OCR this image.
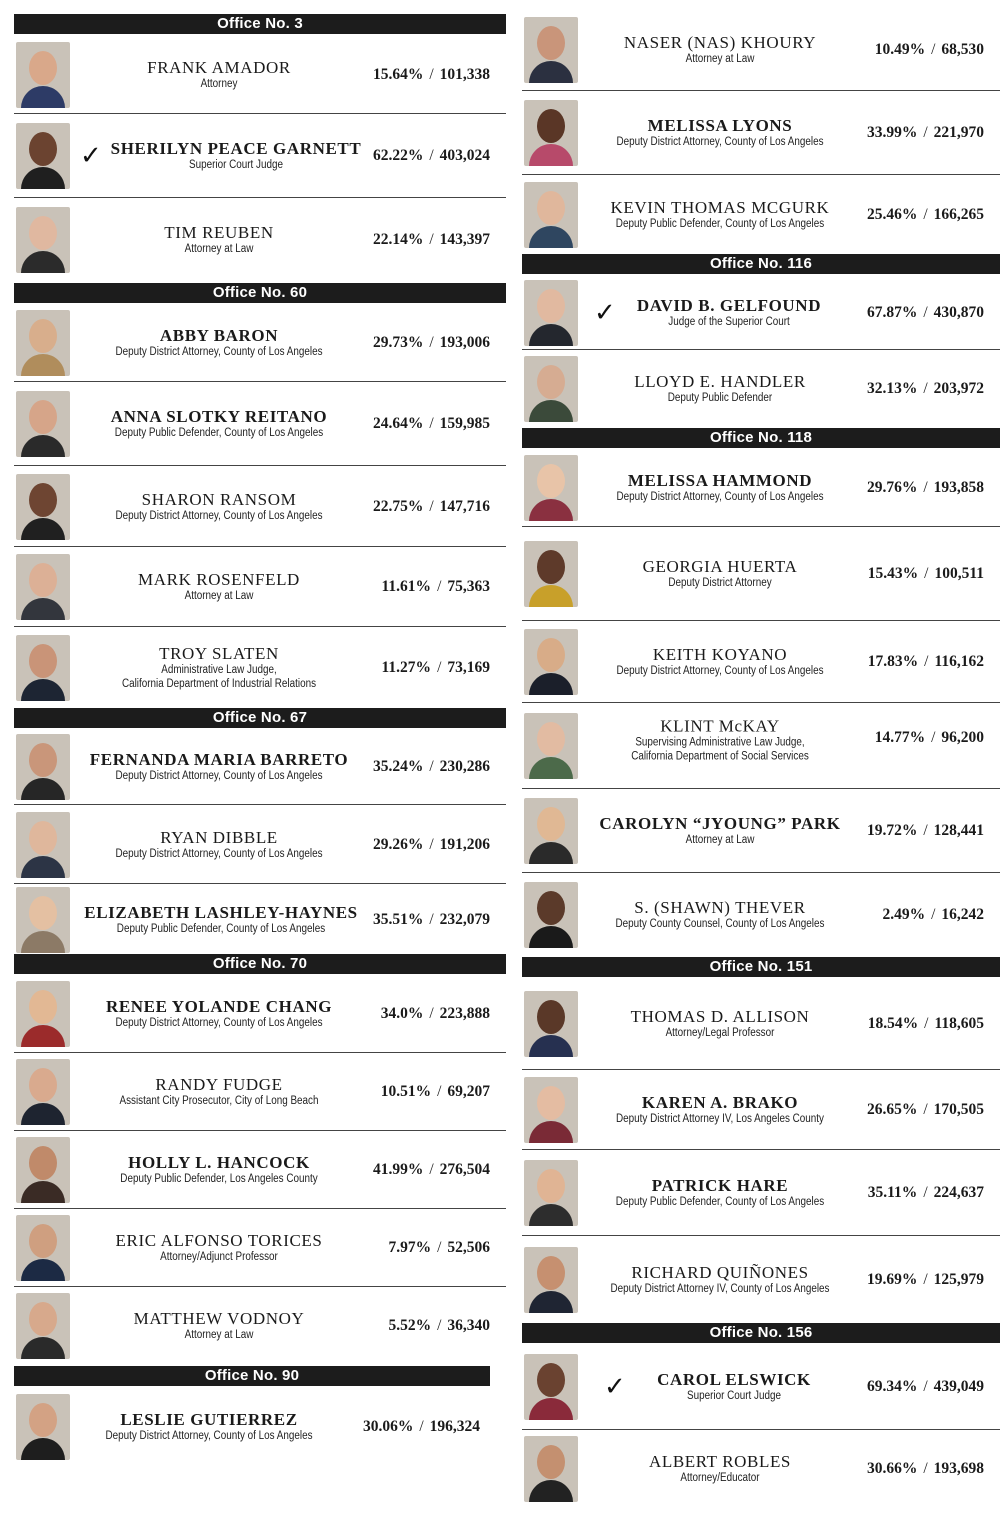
Office No. 3
FRANK AMADOR
Attorney
15.64% / 101,338
✓ SHERILYN PEACE GARNETT
Superior Court Judge
62.22% / 403,024
TIM REUBEN
Attorney at Law
22.14% / 143,397
Office No. 60
ABBY BARON
Deputy District Attorney, County of Los Angeles
29.73% / 193,006
ANNA SLOTKY REITANO
Deputy Public Defender, County of Los Angeles
24.64% / 159,985
SHARON RANSOM
Deputy District Attorney, County of Los Angeles
22.75% / 147,716
MARK ROSENFELD
Attorney at Law
11.61% / 75,363
TROY SLATEN
Administrative Law Judge,
California Department of Industrial Relations
11.27% / 73,169
Office No. 67
FERNANDA MARIA BARRETO
Deputy District Attorney, County of Los Angeles
35.24% / 230,286
RYAN DIBBLE
Deputy District Attorney, County of Los Angeles
29.26% / 191,206
ELIZABETH LASHLEY-HAYNES
Deputy Public Defender, County of Los Angeles
35.51% / 232,079
Office No. 70
RENEE YOLANDE CHANG
Deputy District Attorney, County of Los Angeles
34.0% / 223,888
RANDY FUDGE
Assistant City Prosecutor, City of Long Beach
10.51% / 69,207
HOLLY L. HANCOCK
Deputy Public Defender, Los Angeles County
41.99% / 276,504
ERIC ALFONSO TORICES
Attorney/Adjunct Professor
7.97% / 52,506
MATTHEW VODNOY
Attorney at Law
5.52% / 36,340
Office No. 90
LESLIE GUTIERREZ
Deputy District Attorney, County of Los Angeles
30.06% / 196,324
NASER (NAS) KHOURY
Attorney at Law
10.49% / 68,530
MELISSA LYONS
Deputy District Attorney, County of Los Angeles
33.99% / 221,970
KEVIN THOMAS MCGURK
Deputy Public Defender, County of Los Angeles
25.46% / 166,265
Office No. 116
✓	DAVID B. GELFOUND
Judge of the Superior Court
67.87% / 430,870
LLOYD E. HANDLER
Deputy Public Defender
32.13% / 203,972
Office No. 118
MELISSA HAMMOND
Deputy District Attorney, County of Los Angeles
29.76% / 193,858
GEORGIA HUERTA
Deputy District Attorney
15.43% / 100,511
KEITH KOYANO
Deputy District Attorney, County of Los Angeles
17.83% / 116,162
KLINT McKAY
Supervising Administrative Law Judge,
California Department of Social Services
14.77% / 96,200
CAROLYN “JYOUNG” PARK
Attorney at Law
19.72% / 128,441
S. (SHAWN) THEVER
Deputy County Counsel, County of Los Angeles
2.49% / 16,242
Office No. 151
THOMAS D. ALLISON
Attorney/Legal Professor
18.54% / 118,605
KAREN A. BRAKO
Deputy District Attorney IV, Los Angeles County
26.65% / 170,505
PATRICK HARE
Deputy Public Defender, County of Los Angeles
35.11% / 224,637
RICHARD QUIÑONES
Deputy District Attorney IV, County of Los Angeles
19.69% / 125,979
Office No. 156
✓	CAROL ELSWICK
Superior Court Judge
69.34% / 439,049
ALBERT ROBLES
Attorney/Educator
30.66% / 193,698
